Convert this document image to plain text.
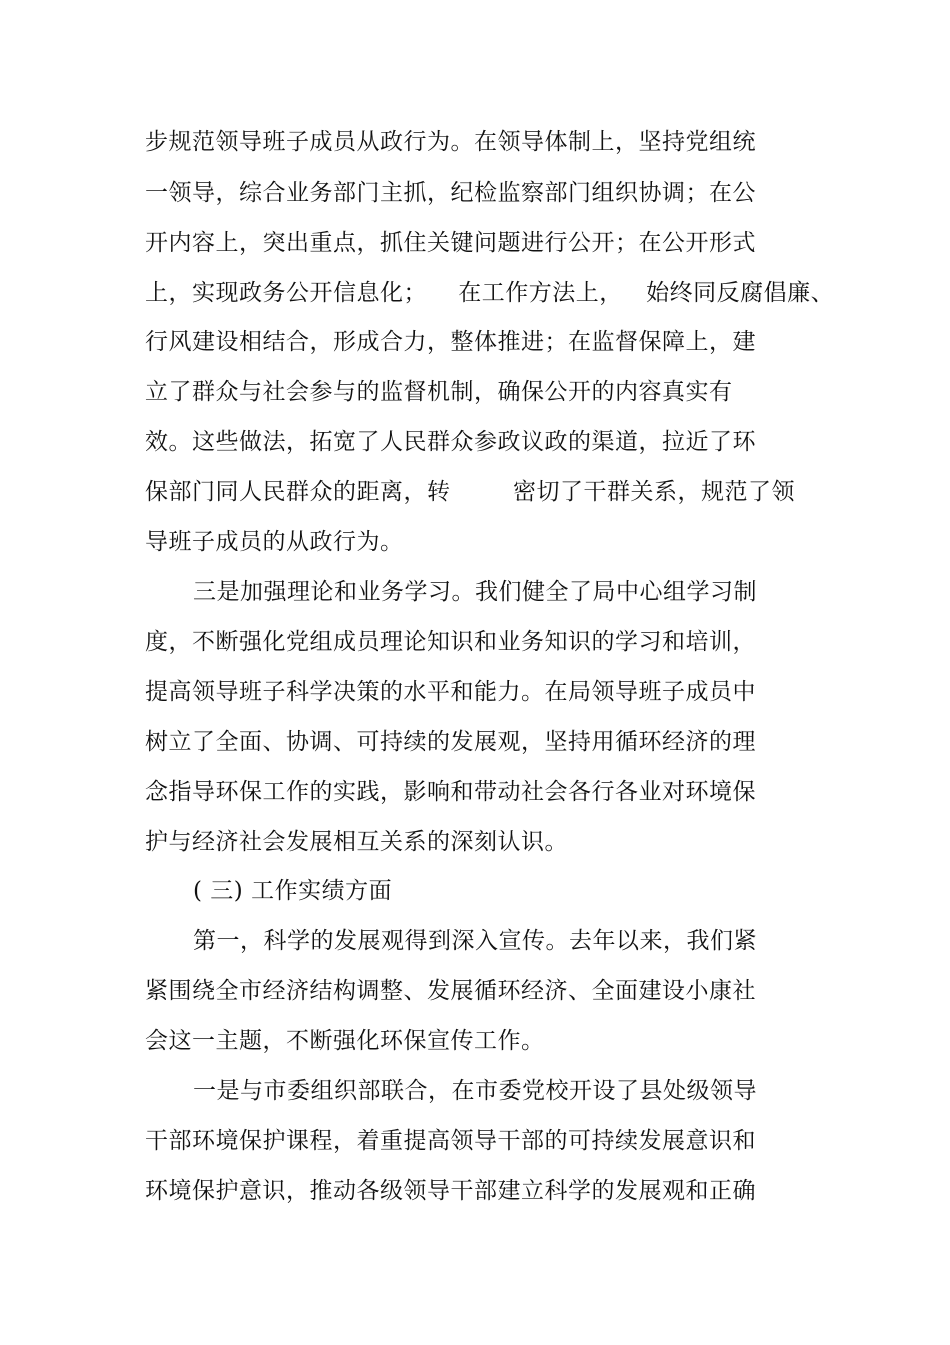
步规范领导班子成员从政行为。在领导体制上，坚持党组统
一领导，综合业务部门主抓，纪检监察部门组织协调；在公
开内容上，突出重点，抓住关键问题进行公开；在公开形式
上，实现政务公开信息化；    在工作方法上，   始终同反腐倡廉、
行风建设相结合，形成合力，整体推进；在监督保障上，建
立了群众与社会参与的监督机制，确保公开的内容真实有
效。这些做法，拓宽了人民群众参政议政的渠道，拉近了环
保部门同人民群众的距离，转        密切了干群关系，规范了领
导班子成员的从政行为。
三是加强理论和业务学习。我们健全了局中心组学习制
度，不断强化党组成员理论知识和业务知识的学习和培训，
提高领导班子科学决策的水平和能力。在局领导班子成员中
树立了全面、协调、可持续的发展观，坚持用循环经济的理
念指导环保工作的实践，影响和带动社会各行各业对环境保
护与经济社会发展相互关系的深刻认识。
( 三) 工作实绩方面
第一，科学的发展观得到深入宣传。去年以来，我们紧
紧围绕全市经济结构调整、发展循环经济、全面建设小康社
会这一主题，不断强化环保宣传工作。
一是与市委组织部联合，在市委党校开设了县处级领导
干部环境保护课程，着重提高领导干部的可持续发展意识和
环境保护意识，推动各级领导干部建立科学的发展观和正确
